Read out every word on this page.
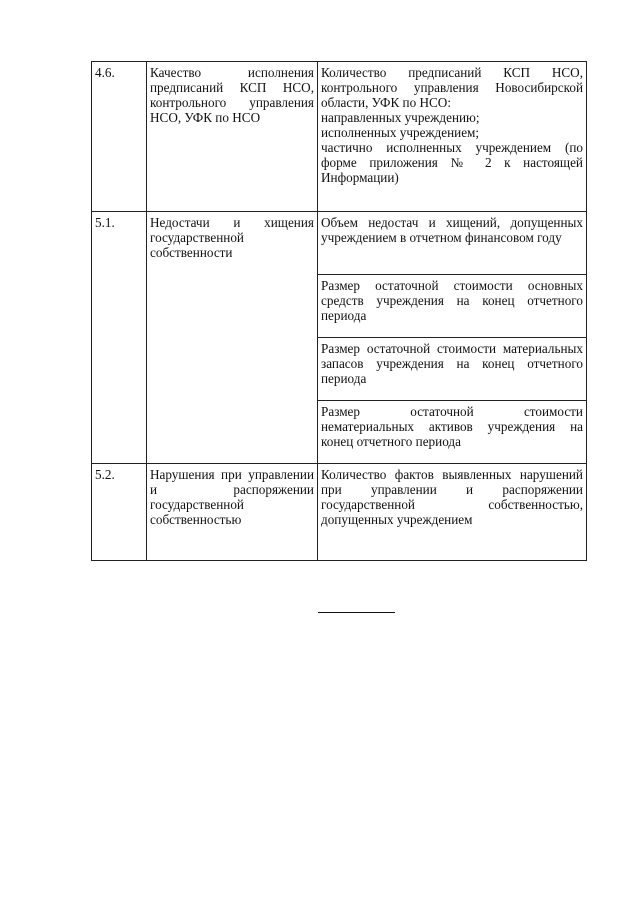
4.6.	Качество исполнения предписаний КСП НСО, контрольного управления НСО, УФК по НСО	Количество предписаний КСП НСО, контрольного управления Новосибирской области, УФК по НСО:
направленных учреждению;
исполненных учреждением;
частично исполненных учреждением (по форме приложения № 2 к настоящей Информации)

5.1.	Недостачи и хищения государственной собственности	Объем недостач и хищений, допущенных учреждением в отчетном финансовом году

		Размер остаточной стоимости основных средств учреждения на конец отчетного периода

		Размер остаточной стоимости материальных запасов учреждения на конец отчетного периода

		Размер остаточной стоимости нематериальных активов учреждения на конец отчетного периода

5.2.	Нарушения при управлении и распоряжении государственной собственностью	Количество фактов выявленных нарушений при управлении и распоряжении государственной собственностью, допущенных учреждением
